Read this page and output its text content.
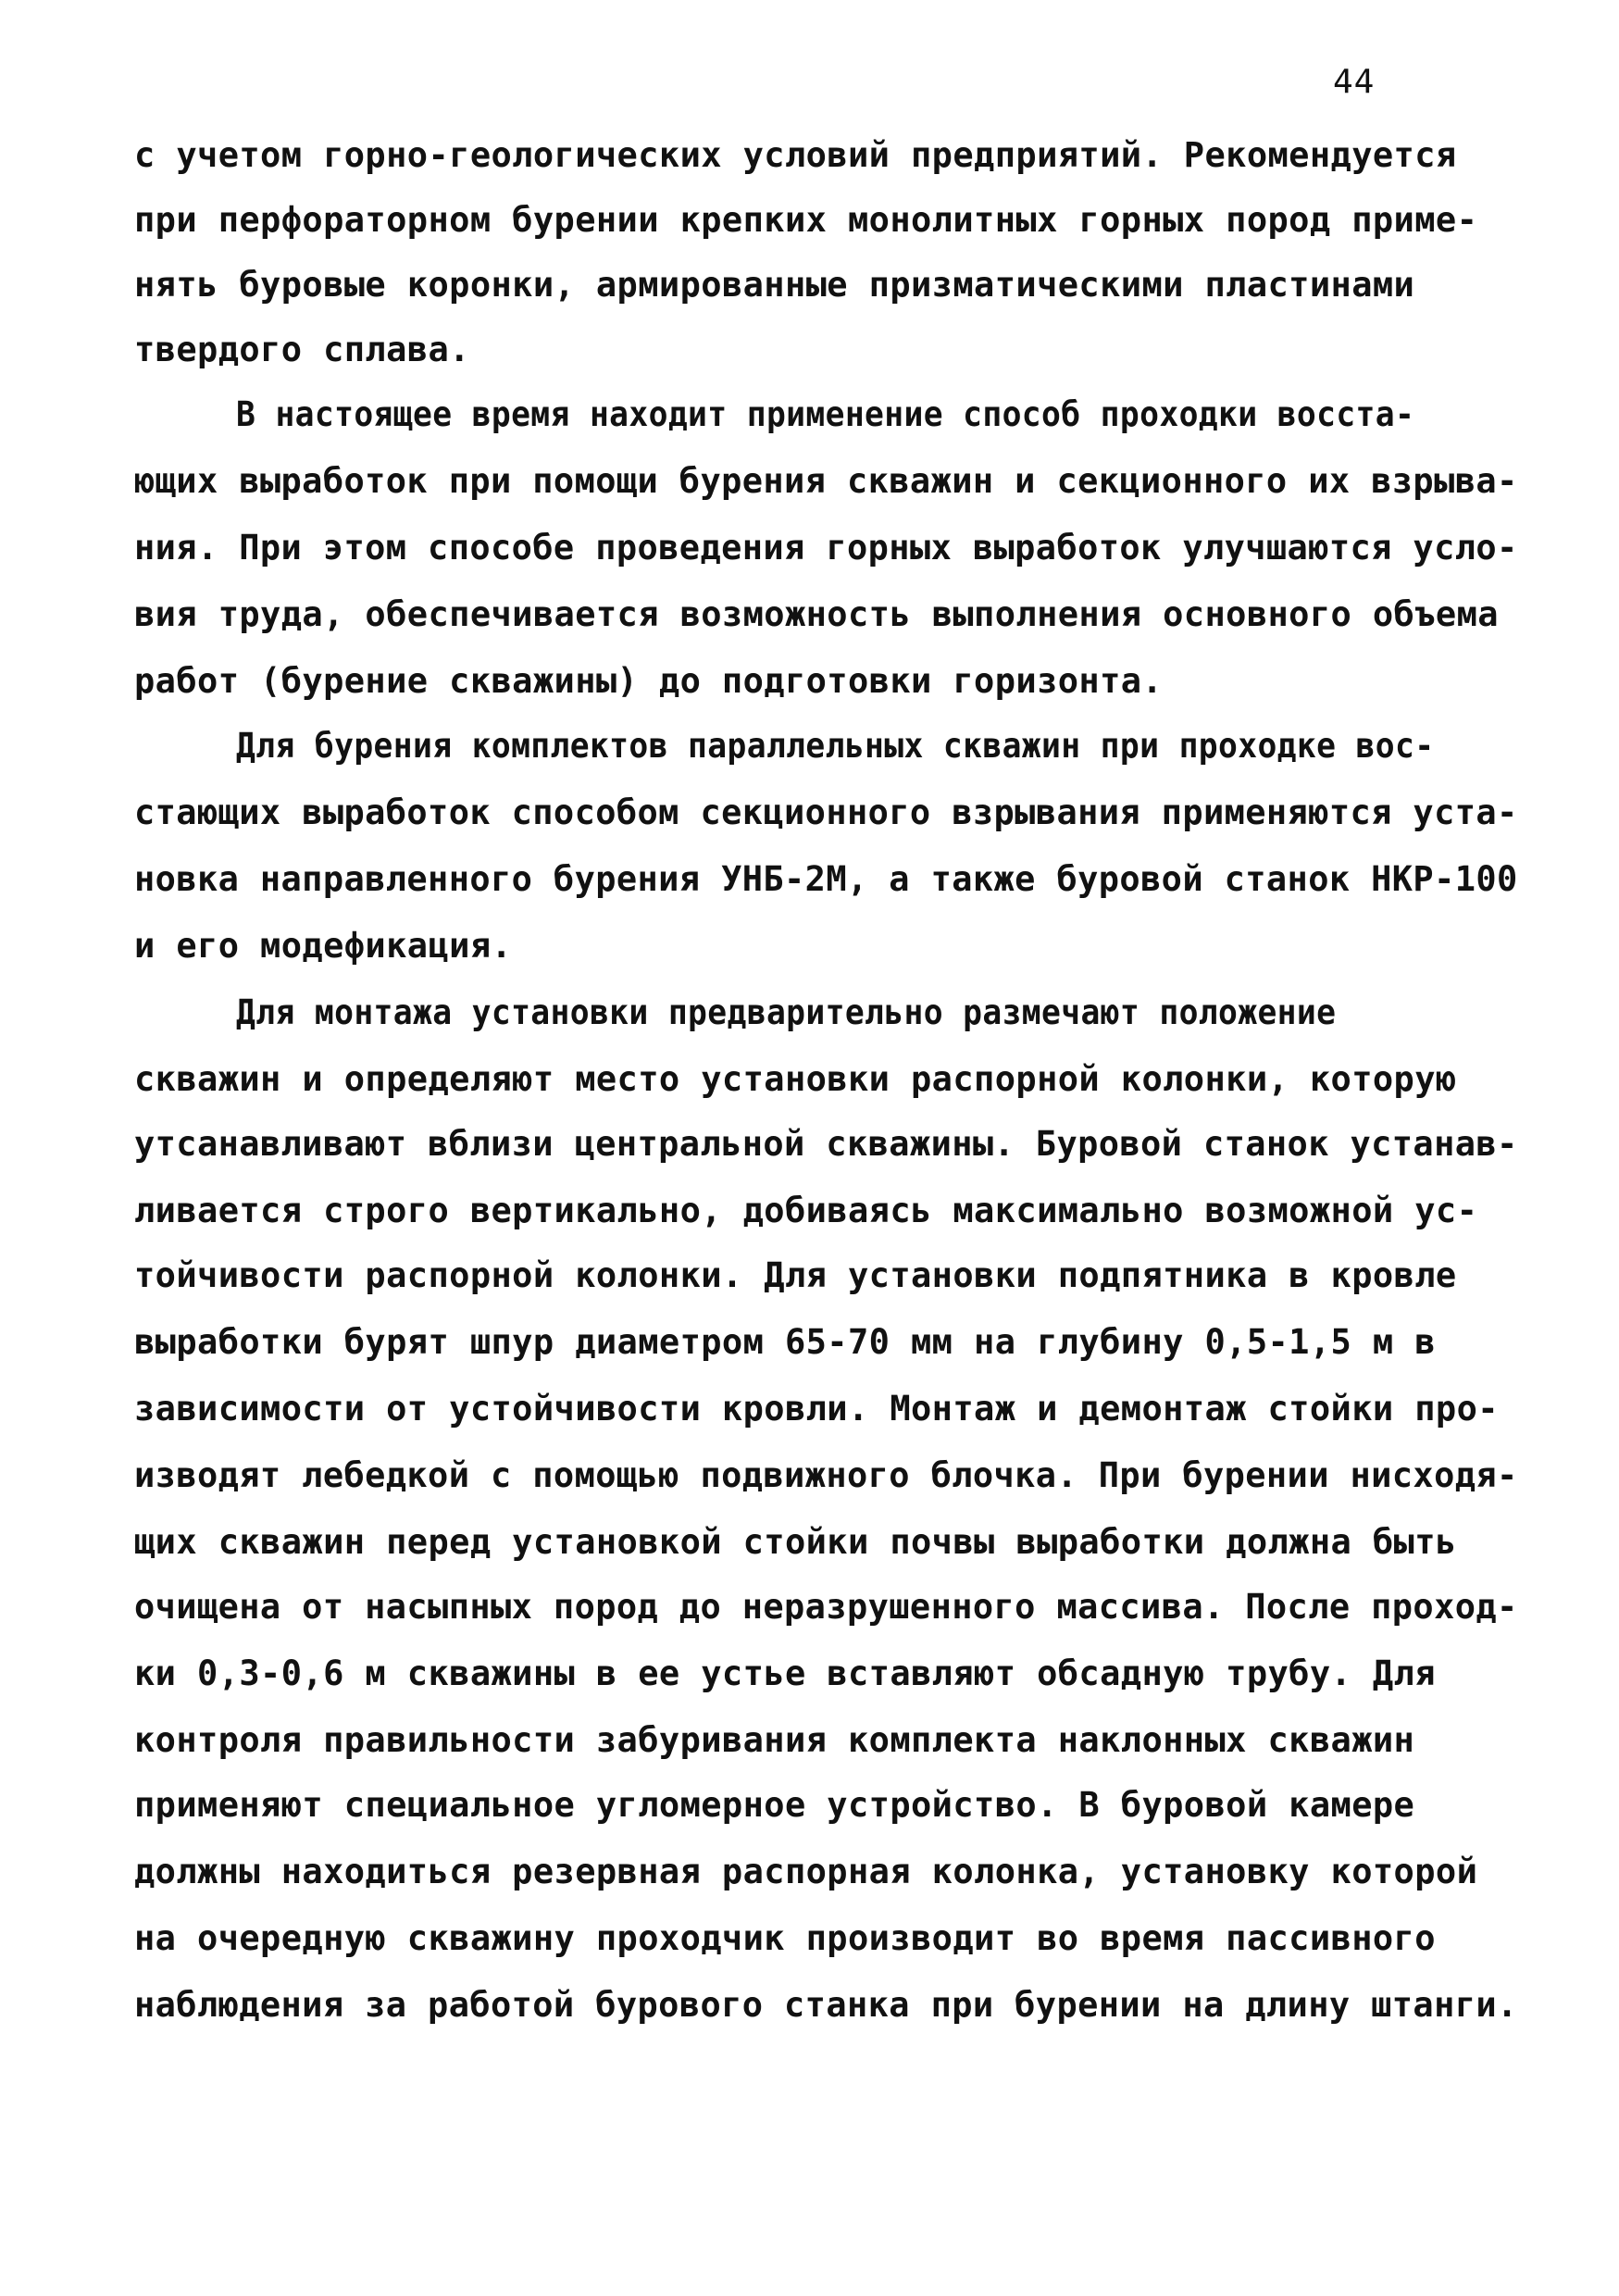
44
с учетом горно-геологических условий предприятий. Рекомендуется
при перфораторном бурении крепких монолитных горных пород приме-
нять буровые коронки, армированные призматическими пластинами
твердого сплава.
В настоящее время находит применение способ проходки восста-
ющих выработок при помощи бурения скважин и секционного их взрыва-
ния. При этом способе проведения горных выработок улучшаются усло-
вия труда, обеспечивается возможность выполнения основного объема
работ (бурение скважины) до подготовки горизонта.
Для бурения комплектов параллельных скважин при проходке вос-
стающих выработок способом секционного взрывания применяются уста-
новка направленного бурения УНБ-2М, а также буровой станок НКР-100
и его модефикация.
Для монтажа установки предварительно размечают положение
скважин и определяют место установки распорной колонки, которую
утсанавливают вблизи центральной скважины. Буровой станок устанав-
ливается строго вертикально, добиваясь максимально возможной ус-
тойчивости распорной колонки. Для установки подпятника в кровле
выработки бурят шпур диаметром 65-70 мм на глубину 0,5-1,5 м в
зависимости от устойчивости кровли. Монтаж и демонтаж стойки про-
изводят лебедкой с помощью подвижного блочка. При бурении нисходя-
щих скважин перед установкой стойки почвы выработки должна быть
очищена от насыпных пород до неразрушенного массива. После проход-
ки 0,3-0,6 м скважины в ее устье вставляют обсадную трубу. Для
контроля правильности забуривания комплекта наклонных скважин
применяют специальное угломерное устройство. В буровой камере
должны находиться резервная распорная колонка, установку которой
на очередную скважину проходчик производит во время пассивного
наблюдения за работой бурового станка при бурении на длину штанги.
